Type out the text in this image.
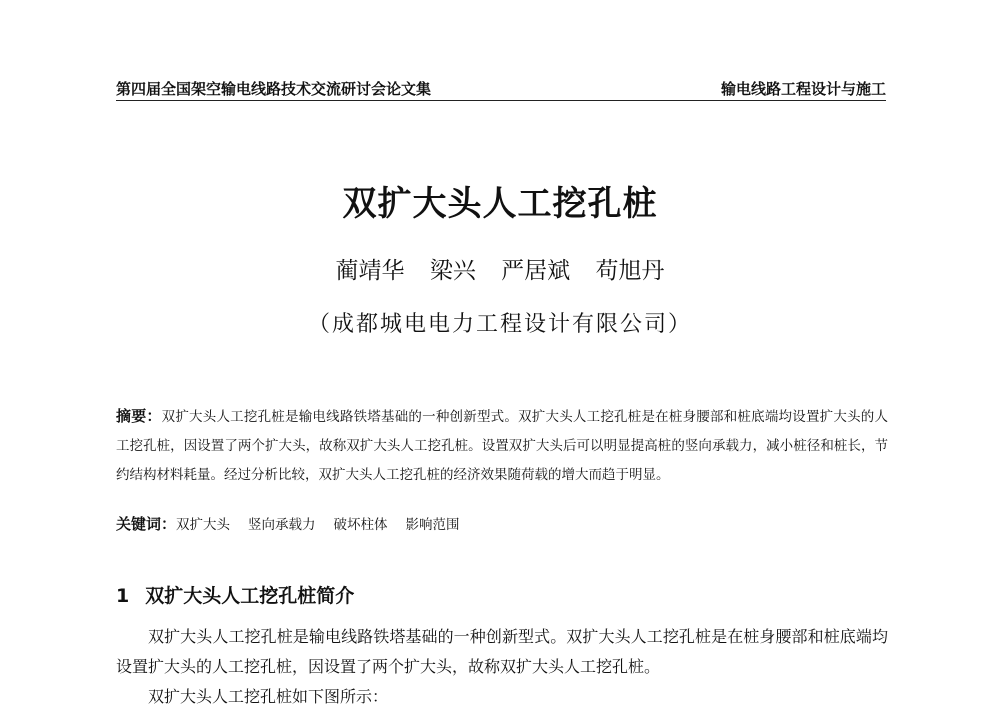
第四届全国架空输电线路技术交流研讨会论文集	输电线路工程设计与施工
双扩大头人工挖孔桩
蔺靖华 梁兴 严居斌 苟旭丹
（成都城电电力工程设计有限公司）
摘要：双扩大头人工挖孔桩是输电线路铁塔基础的一种创新型式。双扩大头人工挖孔桩是在桩身腰部和桩底端均设置扩大头的人工挖孔桩，因设置了两个扩大头，故称双扩大头人工挖孔桩。设置双扩大头后可以明显提高桩的竖向承载力，减小桩径和桩长，节约结构材料耗量。经过分析比较，双扩大头人工挖孔桩的经济效果随荷载的增大而趋于明显。
关键词：双扩大头 竖向承载力 破坏柱体 影响范围
1 双扩大头人工挖孔桩简介

双扩大头人工挖孔桩是输电线路铁塔基础的一种创新型式。双扩大头人工挖孔桩是在桩身腰部和桩底端均设置扩大头的人工挖孔桩，因设置了两个扩大头，故称双扩大头人工挖孔桩。

双扩大头人工挖孔桩如下图所示：
